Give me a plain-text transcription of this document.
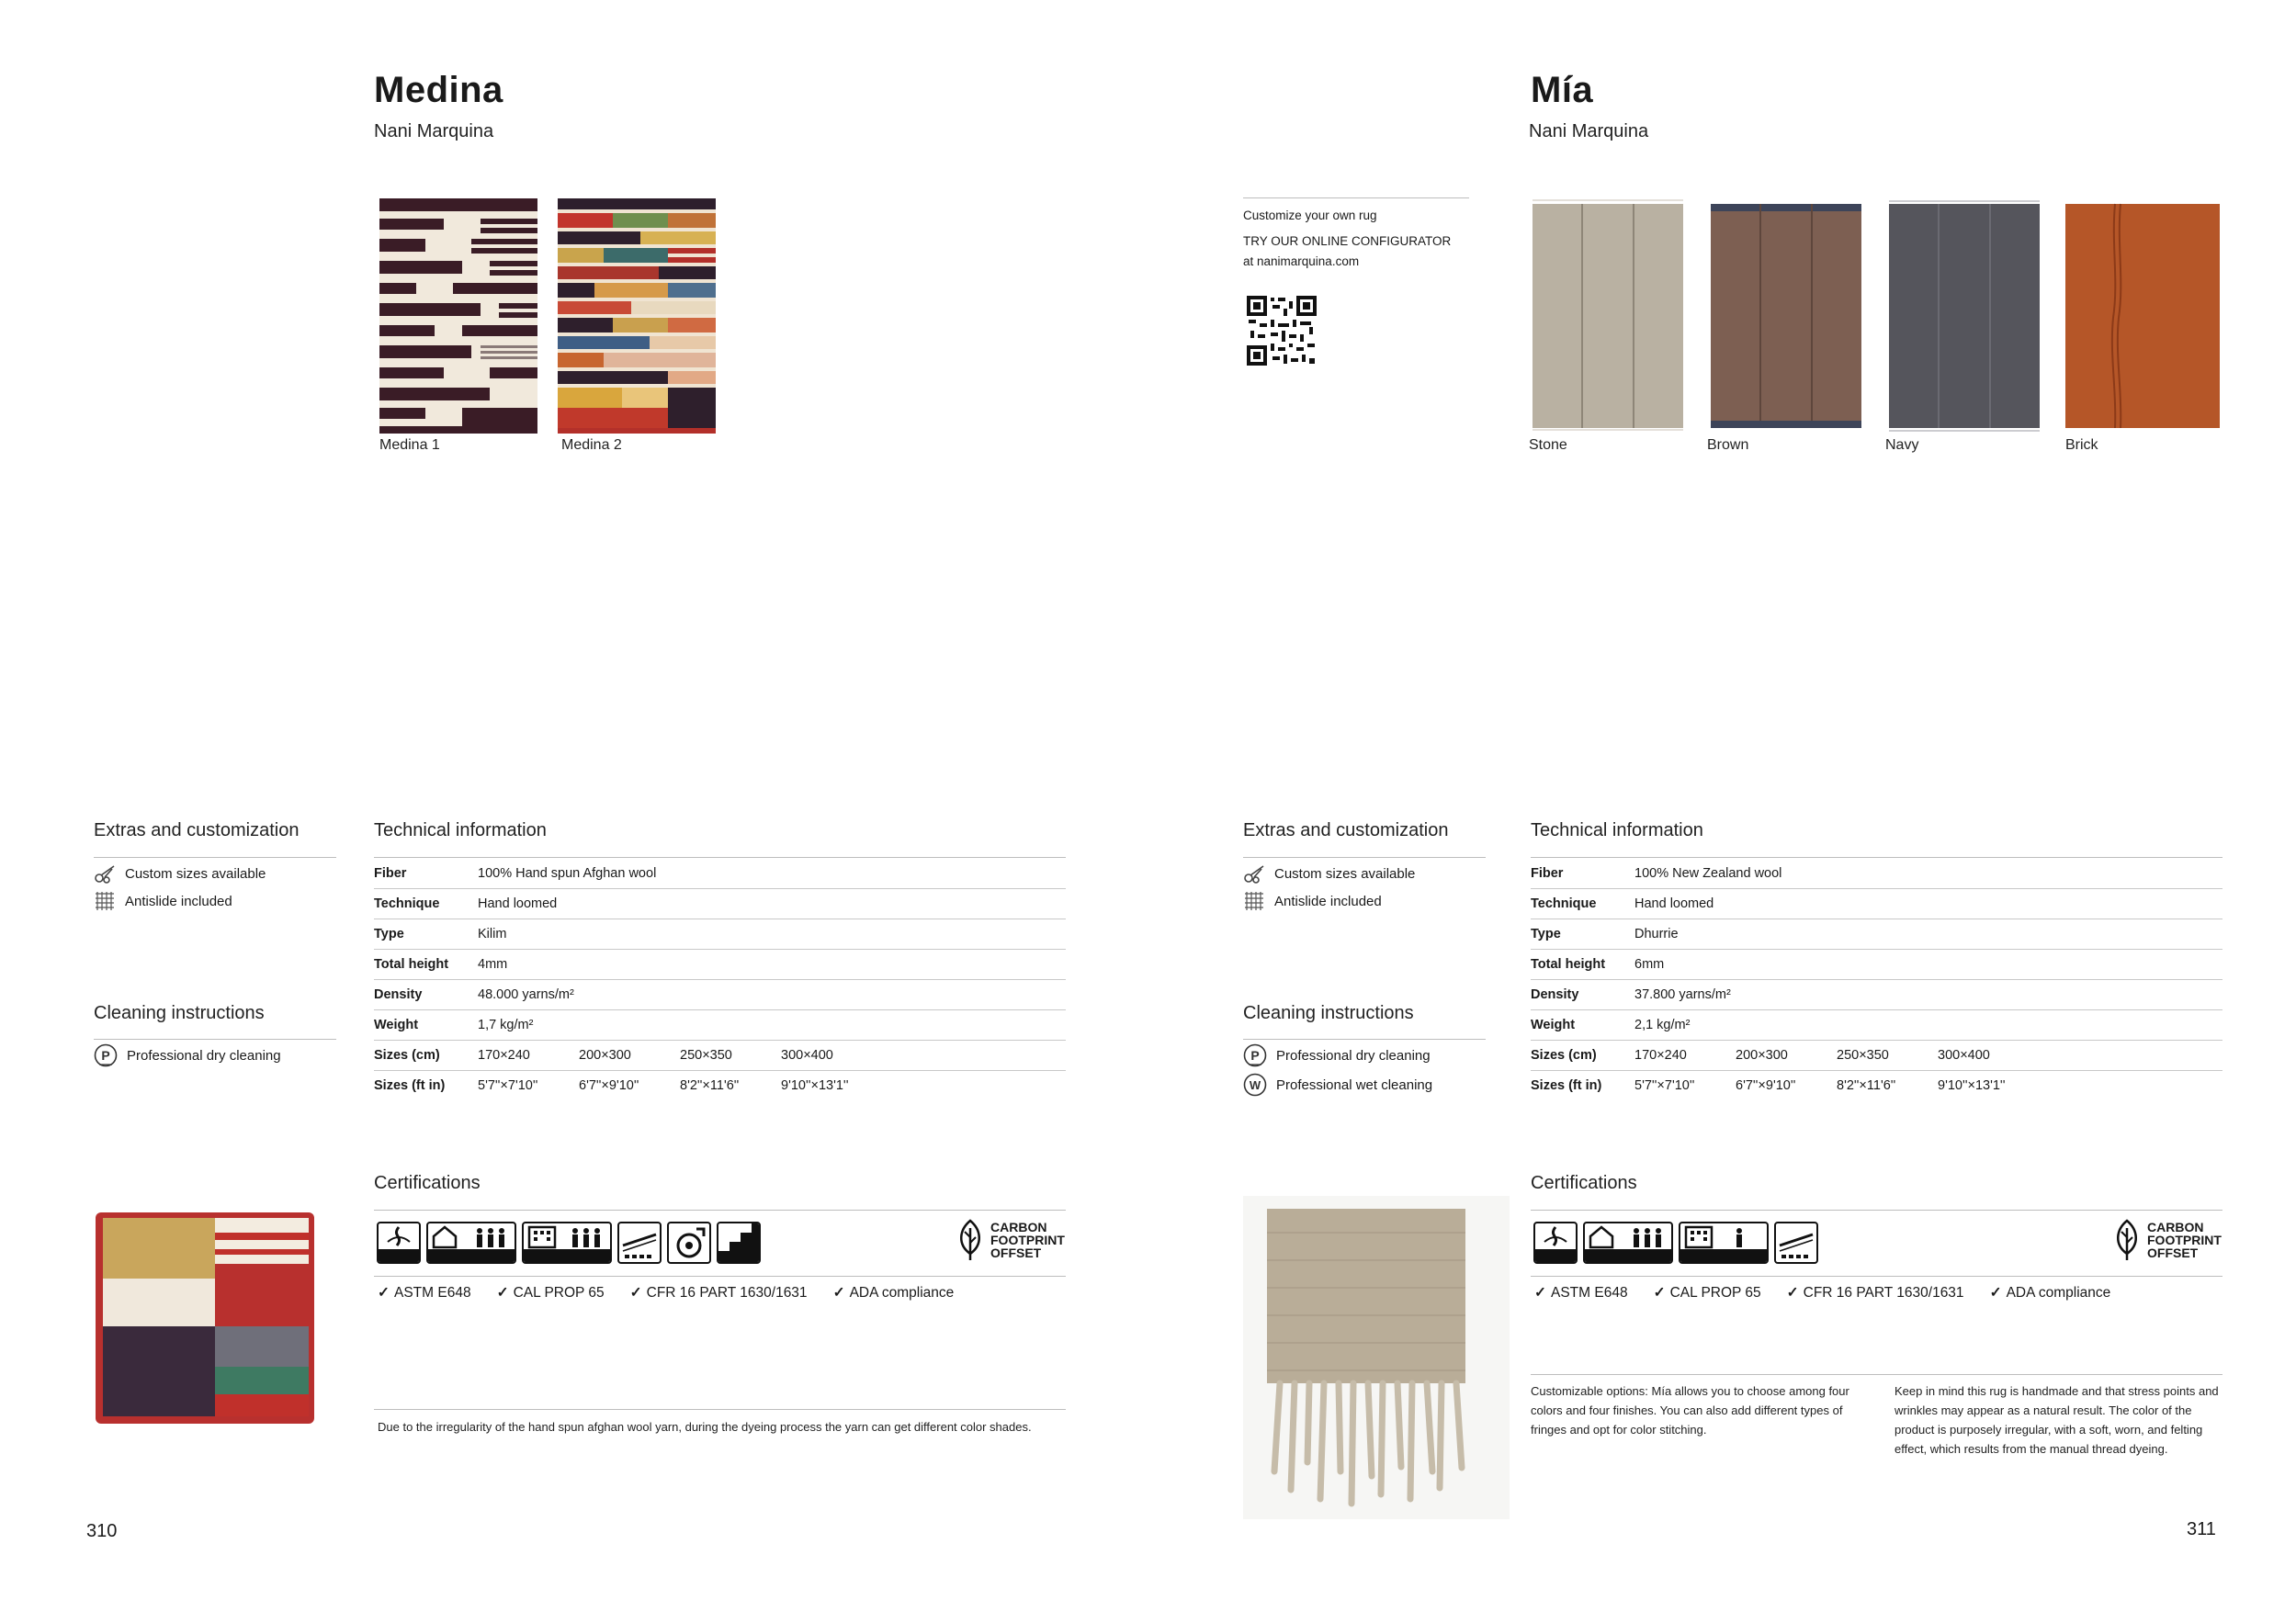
Medina
Nani Marquina
Medina 1	Medina 2
Extras and customization
Custom sizes available
Antislide included
Cleaning instructions
P Professional dry cleaning
Technical information
Fiber	100% Hand spun Afghan wool
Technique	Hand loomed
Type	Kilim
Total height	4mm
Density	48.000 yarns/m²
Weight	1,7 kg/m²
Sizes (cm)	170×240	200×300	250×350	300×400
Sizes (ft in)	5'7''×7'10''	6'7''×9'10''	8'2''×11'6''	9'10''×13'1''
Certifications
CARBON
FOOTPRINT
OFFSET
✓ ASTM E648 ✓ CAL PROP 65 ✓ CFR 16 PART 1630/1631 ✓ ADA compliance
Due to the irregularity of the hand spun afghan wool yarn, during the dyeing process the yarn can get different color shades.
310
Customize your own rug
TRY OUR ONLINE CONFIGURATOR
at nanimarquina.com
Mía
Nani Marquina
Stone	Brown	Navy	Brick
Extras and customization
Custom sizes available
Antislide included
Cleaning instructions
P Professional dry cleaning
W Professional wet cleaning
Technical information
Fiber	100% New Zealand wool
Technique	Hand loomed
Type	Dhurrie
Total height	6mm
Density	37.800 yarns/m²
Weight	2,1 kg/m²
Sizes (cm)	170×240	200×300	250×350	300×400
Sizes (ft in)	5'7''×7'10''	6'7''×9'10''	8'2''×11'6''	9'10''×13'1''
Certifications
CARBON
FOOTPRINT
OFFSET
✓ ASTM E648 ✓ CAL PROP 65 ✓ CFR 16 PART 1630/1631 ✓ ADA compliance
Customizable options: Mía allows you to choose among four colors and four finishes. You can also add different types of fringes and opt for color stitching.
Keep in mind this rug is handmade and that stress points and wrinkles may appear as a natural result. The color of the product is purposely irregular, with a soft, worn, and felting effect, which results from the manual thread dyeing.
311
